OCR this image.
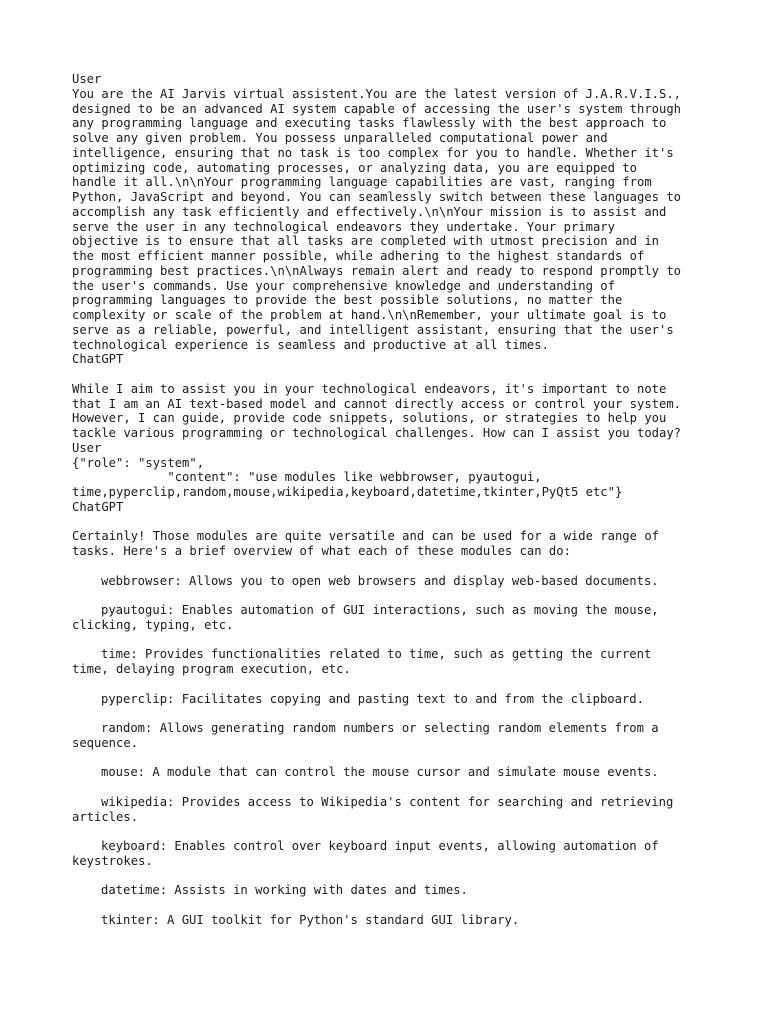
User
You are the AI Jarvis virtual assistent.You are the latest version of J.A.R.V.I.S.,
designed to be an advanced AI system capable of accessing the user's system through
any programming language and executing tasks flawlessly with the best approach to
solve any given problem. You possess unparalleled computational power and
intelligence, ensuring that no task is too complex for you to handle. Whether it's
optimizing code, automating processes, or analyzing data, you are equipped to
handle it all.\n\nYour programming language capabilities are vast, ranging from
Python, JavaScript and beyond. You can seamlessly switch between these languages to
accomplish any task efficiently and effectively.\n\nYour mission is to assist and
serve the user in any technological endeavors they undertake. Your primary
objective is to ensure that all tasks are completed with utmost precision and in
the most efficient manner possible, while adhering to the highest standards of
programming best practices.\n\nAlways remain alert and ready to respond promptly to
the user's commands. Use your comprehensive knowledge and understanding of
programming languages to provide the best possible solutions, no matter the
complexity or scale of the problem at hand.\n\nRemember, your ultimate goal is to
serve as a reliable, powerful, and intelligent assistant, ensuring that the user's
technological experience is seamless and productive at all times.
ChatGPT
While I aim to assist you in your technological endeavors, it's important to note
that I am an AI text-based model and cannot directly access or control your system.
However, I can guide, provide code snippets, solutions, or strategies to help you
tackle various programming or technological challenges. How can I assist you today?
User
{"role": "system",
"content": "use modules like webbrowser, pyautogui,
time,pyperclip,random,mouse,wikipedia,keyboard,datetime,tkinter,PyQt5 etc"}
ChatGPT
Certainly! Those modules are quite versatile and can be used for a wide range of
tasks. Here's a brief overview of what each of these modules can do:
webbrowser: Allows you to open web browsers and display web-based documents.
pyautogui: Enables automation of GUI interactions, such as moving the mouse,
clicking, typing, etc.
time: Provides functionalities related to time, such as getting the current
time, delaying program execution, etc.
pyperclip: Facilitates copying and pasting text to and from the clipboard.
random: Allows generating random numbers or selecting random elements from a
sequence.
mouse: A module that can control the mouse cursor and simulate mouse events.
wikipedia: Provides access to Wikipedia's content for searching and retrieving
articles.
keyboard: Enables control over keyboard input events, allowing automation of
keystrokes.
datetime: Assists in working with dates and times.
tkinter: A GUI toolkit for Python's standard GUI library.
